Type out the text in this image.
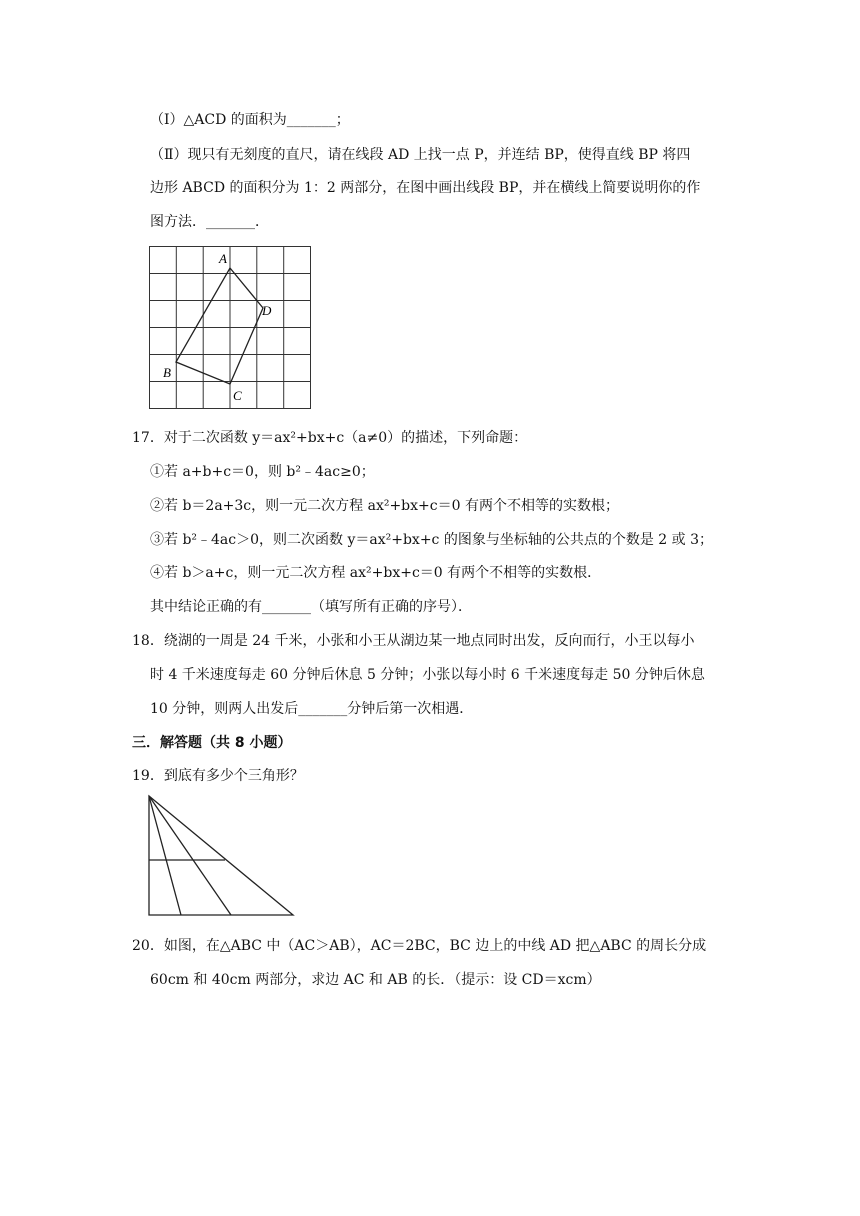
（Ⅰ）△ACD 的面积为_______；
（Ⅱ）现只有无刻度的直尺，请在线段 AD 上找一点 P，并连结 BP，使得直线 BP 将四
边形 ABCD 的面积分为 1：2 两部分，在图中画出线段 BP，并在横线上简要说明你的作
图方法．_______．
A
D
B
C
17．对于二次函数 y＝ax²+bx+c（a≠0）的描述，下列命题：
①若 a+b+c＝0，则 b²﹣4ac≥0；
②若 b＝2a+3c，则一元二次方程 ax²+bx+c＝0 有两个不相等的实数根；
③若 b²﹣4ac＞0，则二次函数 y＝ax²+bx+c 的图象与坐标轴的公共点的个数是 2 或 3；
④若 b＞a+c，则一元二次方程 ax²+bx+c＝0 有两个不相等的实数根．
其中结论正确的有_______（填写所有正确的序号）．
18．绕湖的一周是 24 千米，小张和小王从湖边某一地点同时出发，反向而行，小王以每小
时 4 千米速度每走 60 分钟后休息 5 分钟；小张以每小时 6 千米速度每走 50 分钟后休息
10 分钟，则两人出发后_______分钟后第一次相遇．
三．解答题（共 8 小题）
19．到底有多少个三角形？
20．如图，在△ABC 中（AC＞AB），AC＝2BC，BC 边上的中线 AD 把△ABC 的周长分成
60cm 和 40cm 两部分，求边 AC 和 AB 的长．（提示：设 CD＝xcm）
